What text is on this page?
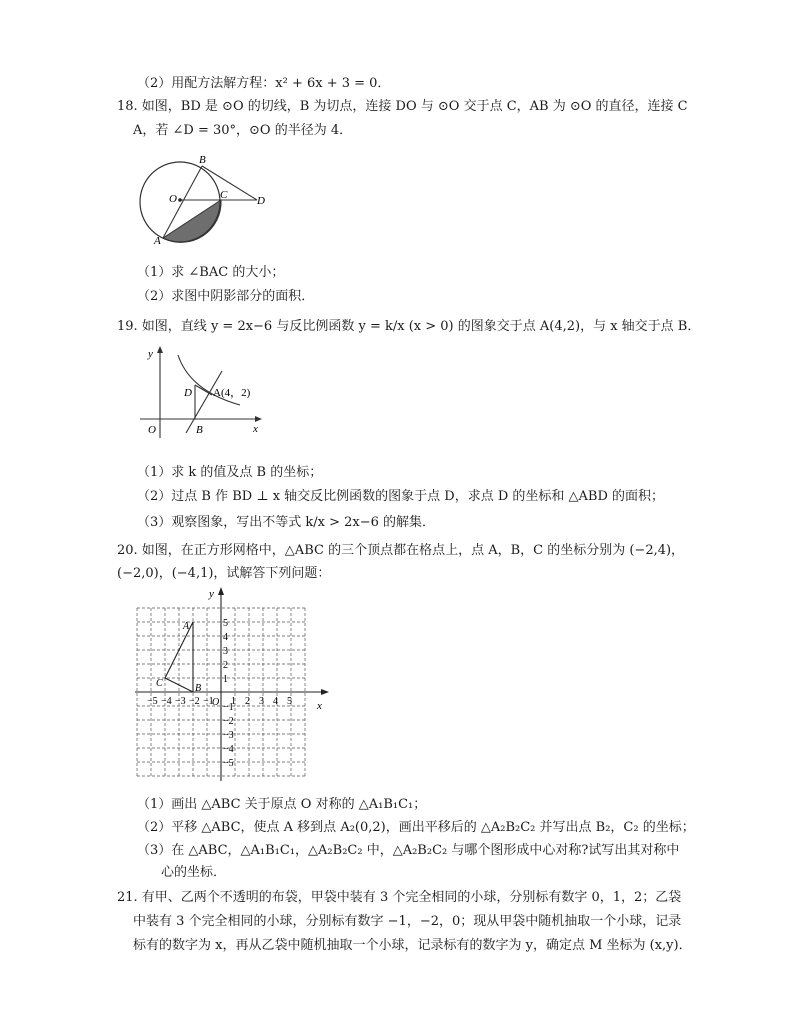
（2）用配方法解方程：x² + 6x + 3 = 0．
18. 如图，BD 是 ⊙O 的切线，B 为切点，连接 DO 与 ⊙O 交于点 C，AB 为 ⊙O 的直径，连接 C
A，若 ∠D = 30°，⊙O 的半径为 4．
B
O	C	D
A
（1）求 ∠BAC 的大小；
（2）求图中阴影部分的面积．
19. 如图，直线 y = 2x−6 与反比例函数 y = k/x (x > 0) 的图象交于点 A(4,2)，与 x 轴交于点 B．
y
x
O	B
D A(4，2)
（1）求 k 的值及点 B 的坐标；
（2）过点 B 作 BD ⊥ x 轴交反比例函数的图象于点 D，求点 D 的坐标和 △ABD 的面积；
（3）观察图象，写出不等式 k/x > 2x−6 的解集．
20. 如图，在正方形网格中，△ABC 的三个顶点都在格点上，点 A，B，C 的坐标分别为 (−2,4)，
(−2,0)，(−4,1)，试解答下列问题：
y
x
O
A
B
C
−5 −4 −3 −2 −1 1 2 3 4 5
5
4
3
2
1
−1
−2
−3
−4
−5
（1）画出 △ABC 关于原点 O 对称的 △A₁B₁C₁；
（2）平移 △ABC，使点 A 移到点 A₂(0,2)，画出平移后的 △A₂B₂C₂ 并写出点 B₂，C₂ 的坐标；
（3）在 △ABC，△A₁B₁C₁，△A₂B₂C₂ 中，△A₂B₂C₂ 与哪个图形成中心对称?试写出其对称中
心的坐标．
21. 有甲、乙两个不透明的布袋，甲袋中装有 3 个完全相同的小球，分别标有数字 0，1，2；乙袋
中装有 3 个完全相同的小球，分别标有数字 −1，−2，0；现从甲袋中随机抽取一个小球，记录
标有的数字为 x，再从乙袋中随机抽取一个小球，记录标有的数字为 y，确定点 M 坐标为 (x,y)．
